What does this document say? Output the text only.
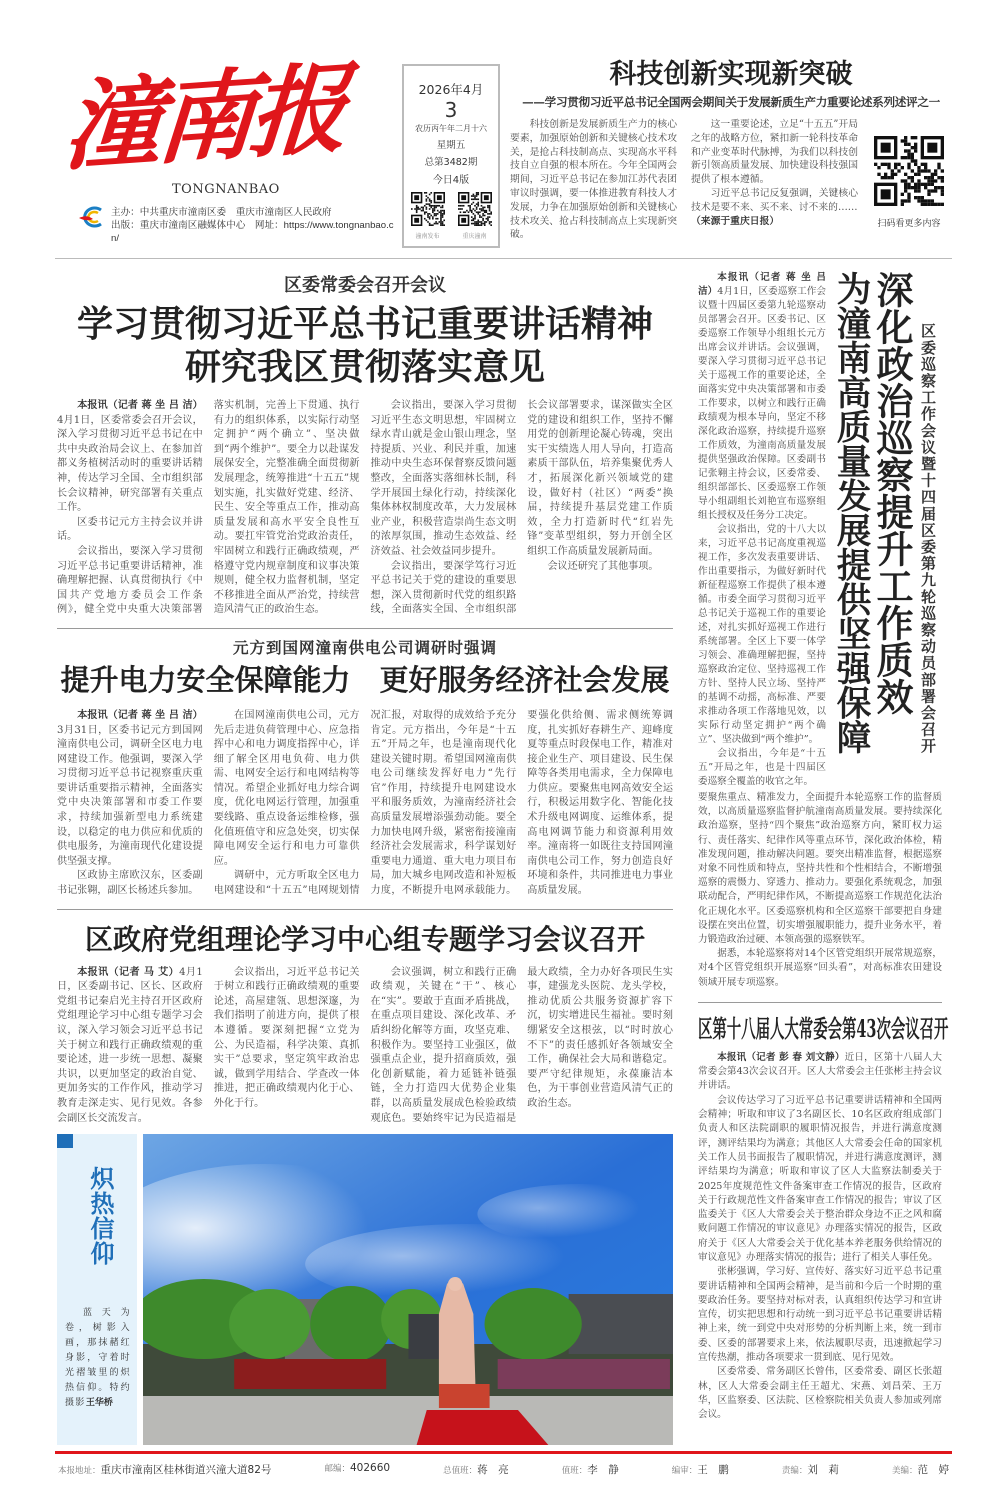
潼南报
TONGNANBAO
主办：中共重庆市潼南区委　重庆市潼南区人民政府
出版：重庆市潼南区融媒体中心　网址：https://www.tongnanbao.cn/
2026年4月
3
农历丙午年二月十六
星期五
总第3482期
今日4版
潼南发布	重庆潼南
科技创新实现新突破
——学习贯彻习近平总书记全国两会期间关于发展新质生产力重要论述系列述评之一

科技创新是发展新质生产力的核心要素，加强原始创新和关键核心技术攻关，是抢占科技制高点、实现高水平科技自立自强的根本所在。今年全国两会期间，习近平总书记在参加江苏代表团审议时强调，要一体推进教育科技人才发展，力争在加强原始创新和关键核心技术攻关、抢占科技制高点上实现新突破。

这一重要论述，立足“十五五”开局之年的战略方位，紧扣新一轮科技革命和产业变革时代脉搏，为我们以科技创新引领高质量发展、加快建设科技强国提供了根本遵循。

习近平总书记反复强调，关键核心技术是要不来、买不来、讨不来的……

（来源于重庆日报）	扫码看更多内容
区委常委会召开会议
学习贯彻习近平总书记重要讲话精神
研究我区贯彻落实意见

本报讯（记者 蒋 坐 吕 洁）4月1日，区委常委会召开会议，深入学习贯彻习近平总书记在中共中央政治局会议上、在参加首都义务植树活动时的重要讲话精神，传达学习全国、全市组织部长会议精神，研究部署有关重点工作。

区委书记元方主持会议并讲话。

会议指出，要深入学习贯彻习近平总书记重要讲话精神，准确理解把握、认真贯彻执行《中国共产党地方委员会工作条例》，健全党中央重大决策部署落实机制，完善上下贯通、执行有力的组织体系，以实际行动坚定拥护“两个确立”、坚决做到“两个维护”。要全力以赴谋发展保安全，完整准确全面贯彻新发展理念，统筹推进“十五五”规划实施，扎实做好党建、经济、民生、安全等重点工作，推动高质量发展和高水平安全良性互动。要扛牢管党治党政治责任，牢固树立和践行正确政绩观，严格遵守党内规章制度和议事决策规则，健全权力监督机制，坚定不移推进全面从严治党，持续营造风清气正的政治生态。

会议指出，要深入学习贯彻习近平生态文明思想，牢固树立绿水青山就是金山银山理念，坚持提质、兴业、利民并重，加速推动中央生态环保督察反馈问题整改，全面落实落细林长制，科学开展国土绿化行动，持续深化集体林权制度改革，大力发展林业产业，积极营造崇尚生态文明的浓厚氛围，推动生态效益、经济效益、社会效益同步提升。

会议指出，要深学笃行习近平总书记关于党的建设的重要思想，深入贯彻新时代党的组织路线，全面落实全国、全市组织部长会议部署要求，谋深做实全区党的建设和组织工作，坚持不懈用党的创新理论凝心铸魂，突出实干实绩选人用人导向，打造高素质干部队伍，培养集聚优秀人才，拓展深化新兴领域党的建设，做好村（社区）“两委”换届，持续提升基层党建工作质效，全力打造新时代“红岩先锋”变革型组织，努力开创全区组织工作高质量发展新局面。

会议还研究了其他事项。

元方到国网潼南供电公司调研时强调
提升电力安全保障能力　更好服务经济社会发展

本报讯（记者 蒋 坐 吕 洁）3月31日，区委书记元方到国网潼南供电公司，调研全区电力电网建设工作。他强调，要深入学习贯彻习近平总书记视察重庆重要讲话重要指示精神，全面落实党中央决策部署和市委工作要求，持续加强新型电力系统建设，以稳定的电力供应和优质的供电服务，为潼南现代化建设提供坚强支撑。

区政协主席欧汉东，区委副书记张翱，副区长杨述兵参加。

在国网潼南供电公司，元方先后走进负荷管理中心、应急指挥中心和电力调度指挥中心，详细了解全区用电负荷、电力供需、电网安全运行和电网结构等情况。希望企业抓好电力综合调度，优化电网运行管理，加强重要线路、重点设备运维检修，强化值班值守和应急处突，切实保障电网安全运行和电力可靠供应。

调研中，元方听取全区电力电网建设和“十五五”电网规划情况汇报，对取得的成效给予充分肯定。元方指出，今年是“十五五”开局之年，也是潼南现代化建设关键时期。希望国网潼南供电公司继续发挥好电力“先行官”作用，持续提升电网建设水平和服务质效，为潼南经济社会高质量发展增添强劲动能。要全力加快电网升级，紧密衔接潼南经济社会发展需求，科学谋划好重要电力通道、重大电力项目布局，加大城乡电网改造和补短板力度，不断提升电网承载能力。要强化供给侧、需求侧统筹调度，扎实抓好春耕生产、迎峰度夏等重点时段保电工作，精准对接企业生产、项目建设、民生保障等各类用电需求，全力保障电力供应。要聚焦电网高效安全运行，积极运用数字化、智能化技术升级电网调度、运维体系，提高电网调节能力和资源利用效率。潼南将一如既往支持国网潼南供电公司工作，努力创造良好环境和条件，共同推进电力事业高质量发展。

区政府党组理论学习中心组专题学习会议召开

本报讯（记者 马 艾）4月1日，区委副书记、区长、区政府党组书记秦启光主持召开区政府党组理论学习中心组专题学习会议，深入学习领会习近平总书记关于树立和践行正确政绩观的重要论述，进一步统一思想、凝聚共识，以更加坚定的政治自觉、更加务实的工作作风，推动学习教育走深走实、见行见效。各参会副区长交流发言。

会议指出，习近平总书记关于树立和践行正确政绩观的重要论述，高屋建瓴、思想深邃，为我们指明了前进方向，提供了根本遵循。要深刻把握“立党为公、为民造福，科学决策、真抓实干”总要求，坚定筑牢政治忠诚，做到学用结合、学查改一体推进，把正确政绩观内化于心、外化于行。

会议强调，树立和践行正确政绩观，关键在“干”、核心在“实”。要敢于直面矛盾挑战，在重点项目建设、深化改革、矛盾纠纷化解等方面，攻坚克难、积极作为。要坚持工业强区，做强重点企业，提升招商质效，强化创新赋能，着力延链补链强链，全力打造四大优势企业集群，以高质量发展成色检验政绩观底色。要始终牢记为民造福是最大政绩，全力办好各项民生实事，建强龙头医院、龙头学校，推动优质公共服务资源扩容下沉，切实增进民生福祉。要时刻绷紧安全这根弦，以“时时放心不下”的责任感抓好各领域安全工作，确保社会大局和谐稳定。要严守纪律规矩，永葆廉洁本色，为干事创业营造风清气正的政治生态。

炽热信仰
蓝天为卷，树影入画，那抹赭红身影，守着时光褶皱里的炽热信仰。特约摄影王华桥

本报讯（记者 蒋 坐 吕 洁）4月1日，区委巡察工作会议暨十四届区委第九轮巡察动员部署会召开。区委书记、区委巡察工作领导小组组长元方出席会议并讲话。会议强调，要深入学习贯彻习近平总书记关于巡视工作的重要论述，全面落实党中央决策部署和市委工作要求，以树立和践行正确政绩观为根本导向，坚定不移深化政治巡察，持续提升巡察工作质效，为潼南高质量发展提供坚强政治保障。区委副书记张翱主持会议，区委常委、组织部部长、区委巡察工作领导小组副组长刘艳宣布巡察组组长授权及任务分工决定。

会议指出，党的十八大以来，习近平总书记高度重视巡视工作，多次发表重要讲话、作出重要指示，为做好新时代新征程巡察工作提供了根本遵循。市委全面学习贯彻习近平总书记关于巡视工作的重要论述，对扎实抓好巡视工作进行系统部署。全区上下要一体学习领会、准确理解把握，坚持巡察政治定位、坚持巡视工作方针、坚持人民立场、坚持严的基调不动摇，高标准、严要求推动各项工作落地见效，以实际行动坚定拥护“两个确立”、坚决做到“两个维护”。

会议指出，今年是“十五五”开局之年，也是十四届区委巡察全覆盖的收官之年。

为潼南高质量发展提供坚强保障 深化政治巡察提升工作质效 区委巡察工作会议暨十四届区委第九轮巡察动员部署会召开

要聚焦重点、精准发力，全面提升本轮巡察工作的监督质效，以高质量巡察监督护航潼南高质量发展。要持续深化政治巡察，坚持“四个聚焦”政治巡察方向，紧盯权力运行、责任落实、纪律作风等重点环节，深化政治体检，精准发现问题，推动解决问题。要突出精准监督，根据巡察对象不同性质和特点，坚持共性和个性相结合，不断增强巡察的震慑力、穿透力、推动力。要强化系统观念，加强联动配合，严明纪律作风，不断提高巡察工作规范化法治化正规化水平。区委巡察机构和全区巡察干部要把自身建设摆在突出位置，切实增强履职能力，提升业务水平，着力锻造政治过硬、本领高强的巡察铁军。

据悉，本轮巡察将对14个区管党组织开展常规巡察，对4个区管党组织开展巡察“回头看”，对高标准农田建设领域开展专项巡察。

区第十八届人大常委会第43次会议召开

本报讯（记者 彭 春 刘文静）近日，区第十八届人大常委会第43次会议召开。区人大常委会主任张彬主持会议并讲话。

会议传达学习了习近平总书记重要讲话精神和全国两会精神；听取和审议了3名副区长、10名区政府组成部门负责人和区法院副职的履职情况报告，并进行满意度测评，测评结果均为满意；其他区人大常委会任命的国家机关工作人员书面报告了履职情况，并进行满意度测评，测评结果均为满意；听取和审议了区人大监察法制委关于2025年度规范性文件备案审查工作情况的报告，区政府关于行政规范性文件备案审查工作情况的报告；审议了区监委关于《区人大常委会关于整治群众身边不正之风和腐败问题工作情况的审议意见》办理落实情况的报告，区政府关于《区人大常委会关于优化基本养老服务供给情况的审议意见》办理落实情况的报告；进行了相关人事任免。

张彬强调，学习好、宣传好、落实好习近平总书记重要讲话精神和全国两会精神，是当前和今后一个时期的重要政治任务。要坚持对标对表，认真组织传达学习和宣讲宣传，切实把思想和行动统一到习近平总书记重要讲话精神上来，统一到党中央对形势的分析判断上来，统一到市委、区委的部署要求上来，依法履职尽责，迅速掀起学习宣传热潮，推动各项要求一贯到底、见行见效。

区委常委、常务副区长曾伟，区委常委、副区长张超林，区人大常委会副主任王超尤、宋燕、刘昌荣、王万华，区监察委、区法院、区检察院相关负责人参加或列席会议。

本报地址：重庆市潼南区桂林街道兴潼大道82号	邮编：402660	总值班：蒋　亮	值班：李　静	编审：王　鹏	责编：刘　莉	美编：范　婷
